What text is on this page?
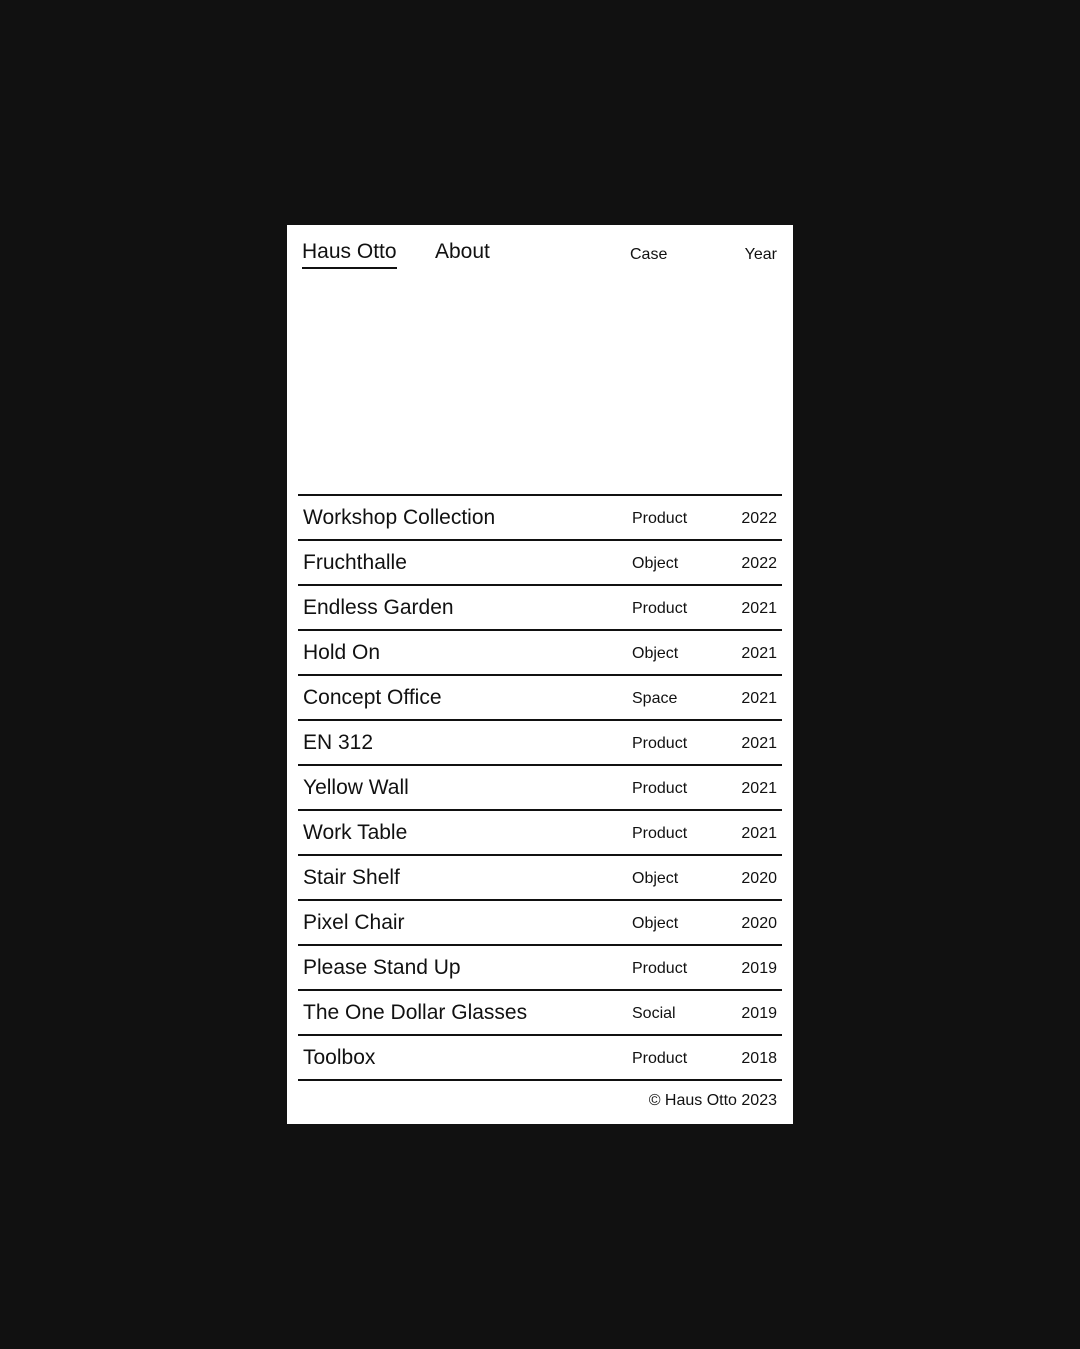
Haus Otto About	Case	Year
Workshop Collection	Product	2022
Fruchthalle	Object	2022
Endless Garden	Product	2021
Hold On	Object	2021
Concept Office	Space	2021
EN 312	Product	2021
Yellow Wall	Product	2021
Work Table	Product	2021
Stair Shelf	Object	2020
Pixel Chair	Object	2020
Please Stand Up	Product	2019
The One Dollar Glasses	Social	2019
Toolbox	Product	2018
© Haus Otto 2023
